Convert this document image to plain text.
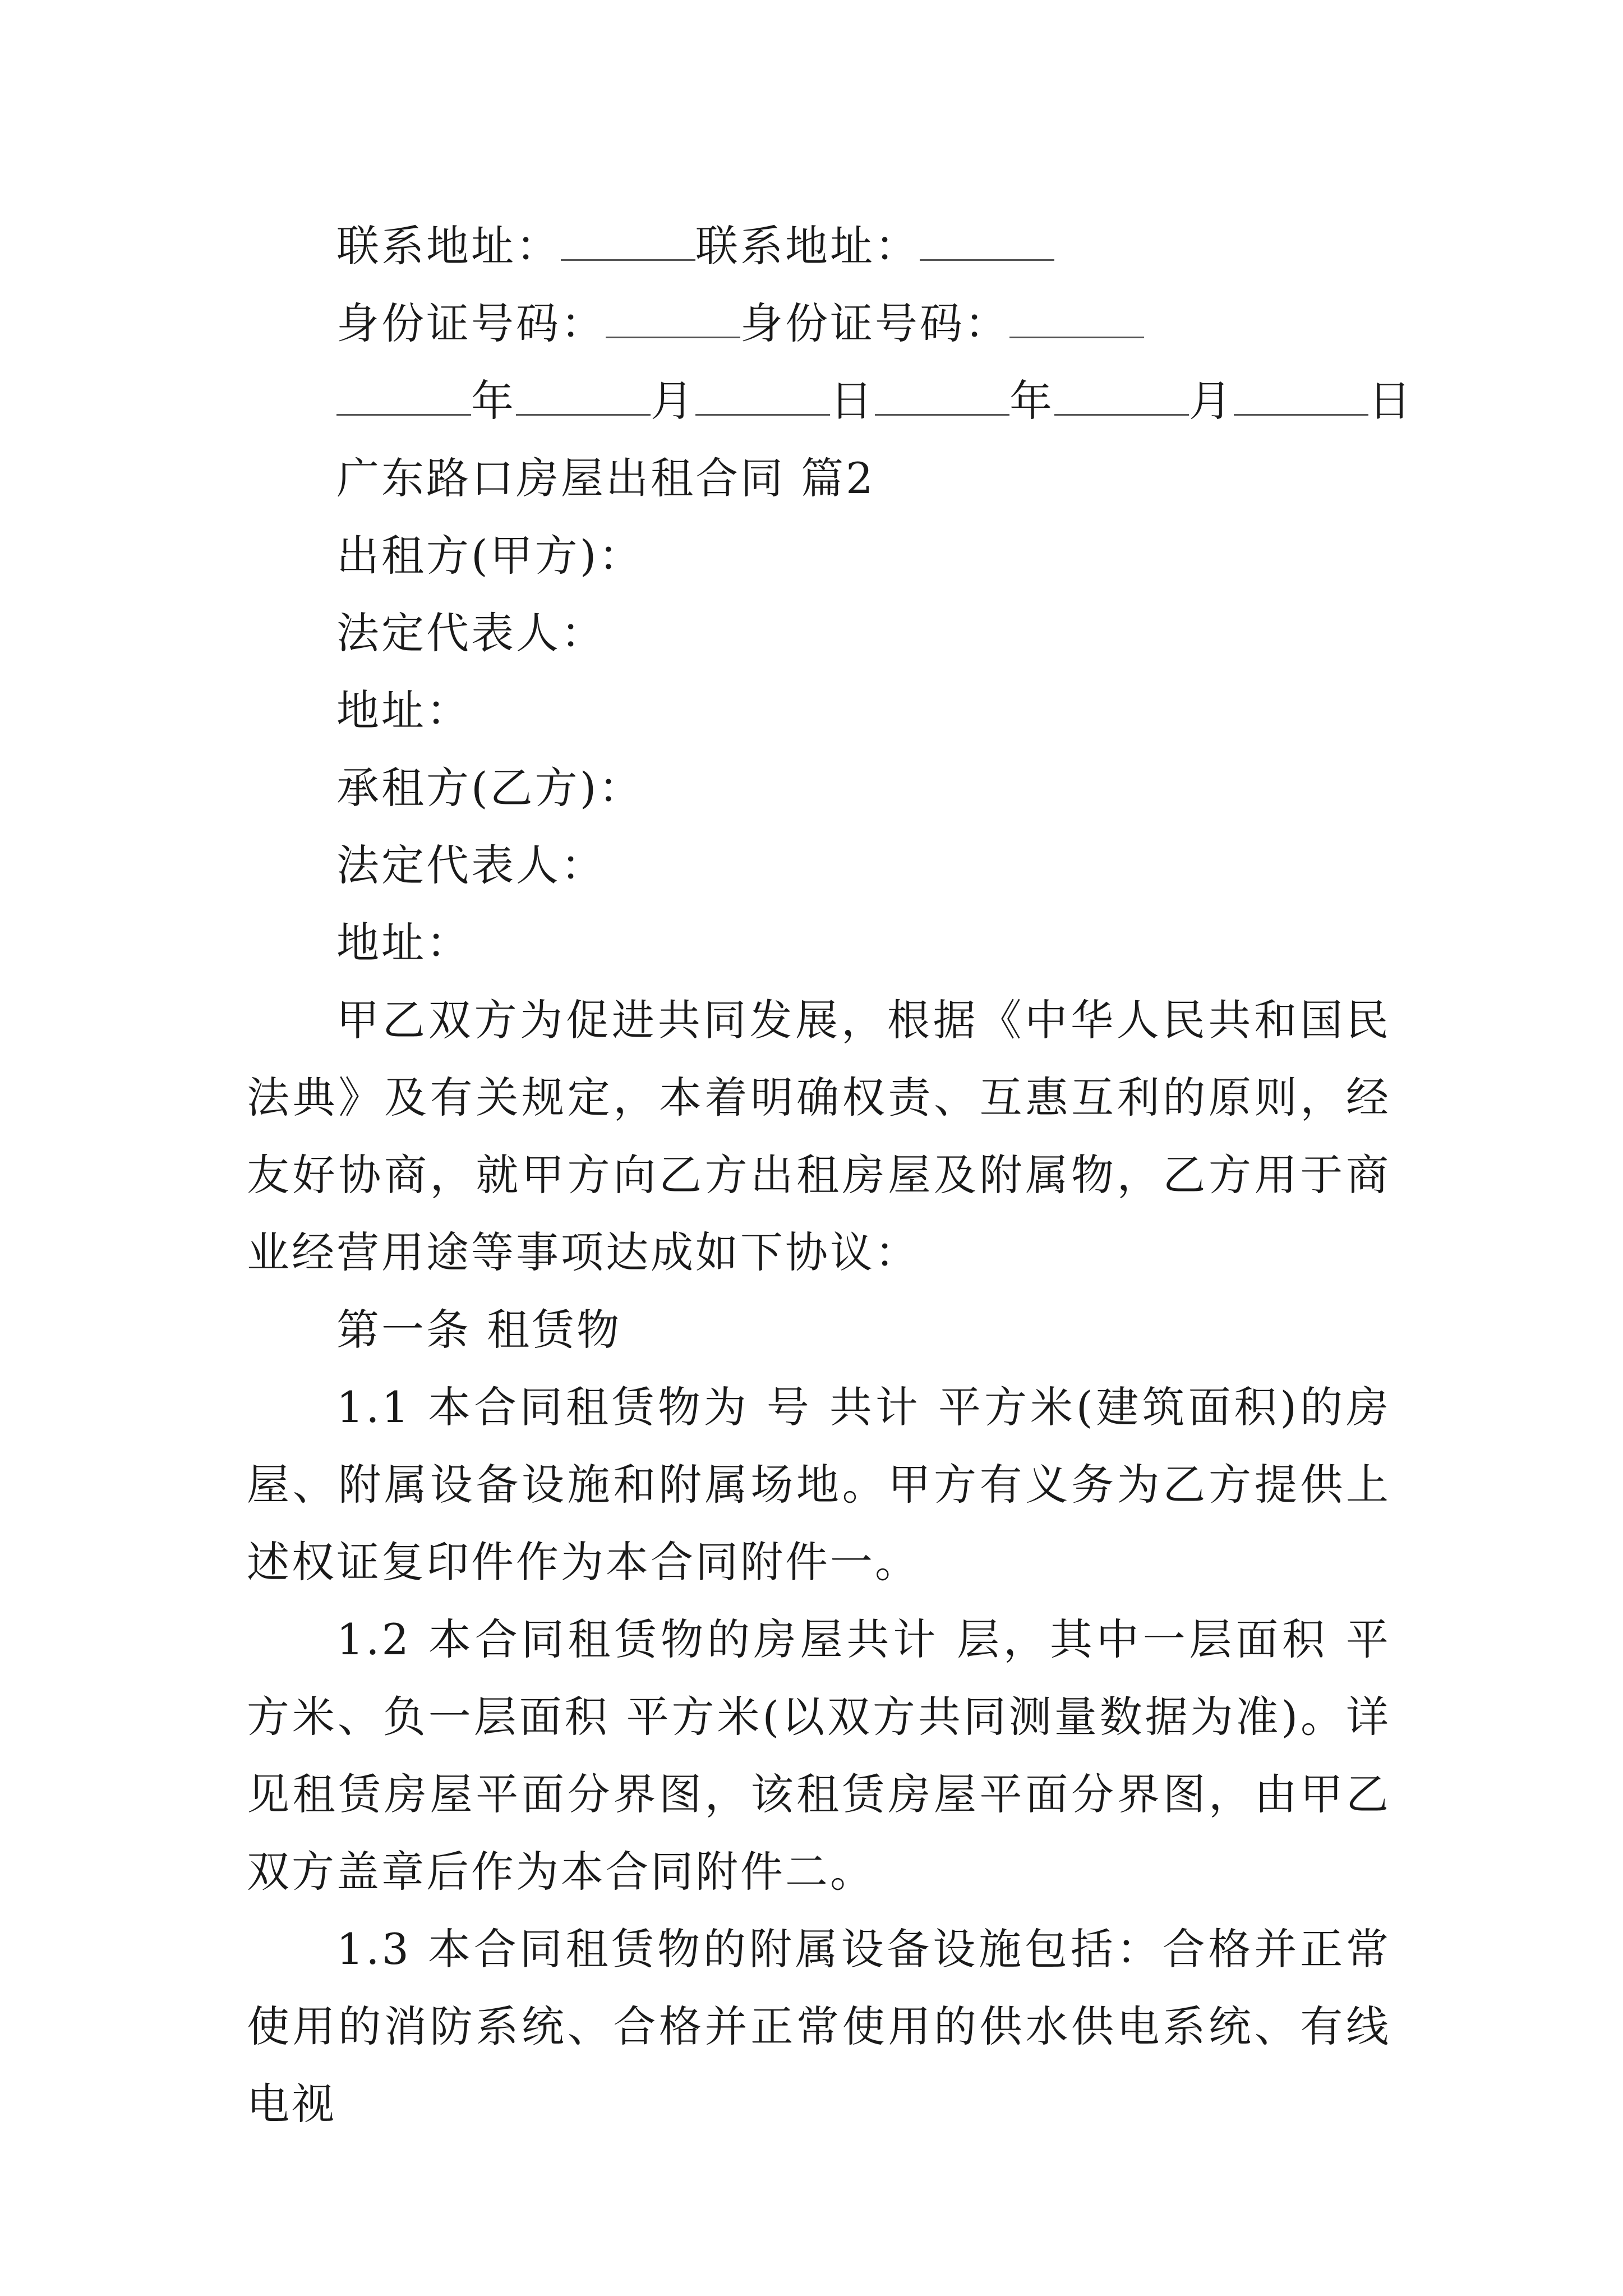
联系地址：	联系地址：
身份证号码：	身份证号码：
年	月	日	年	月	日
广东路口房屋出租合同 篇2
出租方(甲方)：
法定代表人：
地址：
承租方(乙方)：
法定代表人：
地址：

甲乙双方为促进共同发展，根据《中华人民共和国民法典》及有关规定，本着明确权责、互惠互利的原则，经友好协商，就甲方向乙方出租房屋及附属物，乙方用于商业经营用途等事项达成如下协议：

第一条 租赁物

1.1 本合同租赁物为 号 共计 平方米(建筑面积)的房屋、附属设备设施和附属场地。甲方有义务为乙方提供上述权证复印件作为本合同附件一。

1.2 本合同租赁物的房屋共计 层，其中一层面积 平方米、负一层面积 平方米(以双方共同测量数据为准)。详见租赁房屋平面分界图，该租赁房屋平面分界图，由甲乙双方盖章后作为本合同附件二。

1.3 本合同租赁物的附属设备设施包括：合格并正常使用的消防系统、合格并正常使用的供水供电系统、有线电视
